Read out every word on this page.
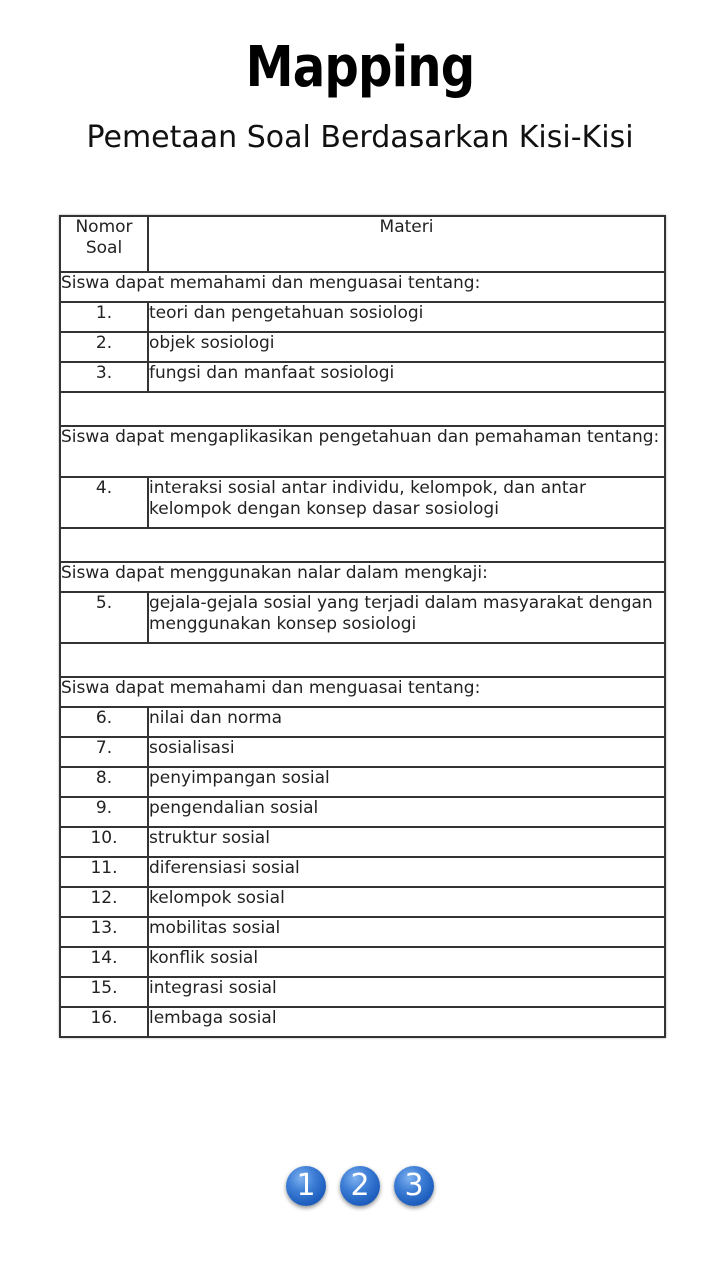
Mapping
Pemetaan Soal Berdasarkan Kisi-Kisi
Nomor
Soal	Materi
Siswa dapat memahami dan menguasai tentang:	
1.	teori dan pengetahuan sosiologi
2.	objek sosiologi
3.	fungsi dan manfaat sosiologi

Siswa dapat mengaplikasikan pengetahuan dan pemahaman tentang:	
4.	interaksi sosial antar individu, kelompok, dan antar kelompok dengan konsep dasar sosiologi

Siswa dapat menggunakan nalar dalam mengkaji:	
5.	gejala-gejala sosial yang terjadi dalam masyarakat dengan menggunakan konsep sosiologi

Siswa dapat memahami dan menguasai tentang:	
6.	nilai dan norma
7.	sosialisasi
8.	penyimpangan sosial
9.	pengendalian sosial
10.	struktur sosial
11.	diferensiasi sosial
12.	kelompok sosial
13.	mobilitas sosial
14.	konflik sosial
15.	integrasi sosial
16.	lembaga sosial
1 2 3
